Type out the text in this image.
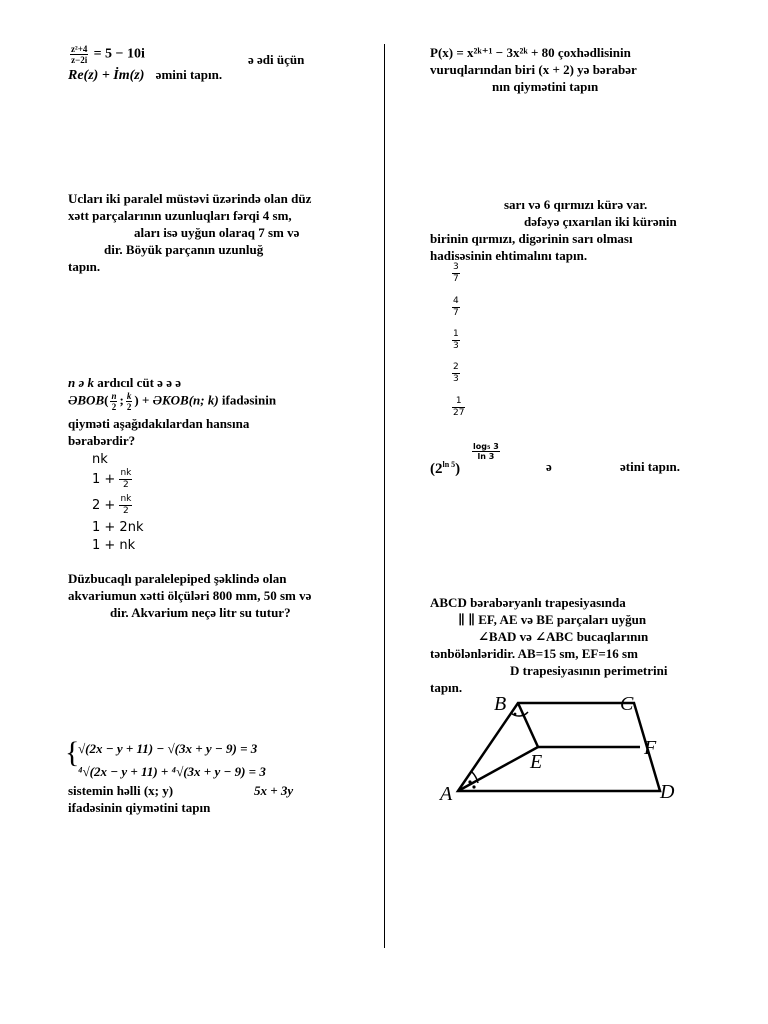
$\frac{\text{z²+4}}{z-2i} = 5 - 10i$	ə ədi üçün
Re(z) + İm(z) əmini tapın.
Ucları iki paralel müstəvi üzərində olan düz
xətt parçalarının uzunluqları fərqi 4 sm,
aları isə uyğun olaraq 7 sm və
dir. Böyük parçanın uzunluğ
tapın.
n ə k ardıcıl cüt ə ə ə
ƏBOB( $\frac{n}{2}$ ; $\frac{k}{2}$ ) + ƏKOB(n; k) ifadəsinin
qiyməti aşağıdakılardan hansına
bərabərdir?
nk
$1 + \frac{nk}{2}$
$2 + \frac{nk}{2}$
1 + 2nk
1 + nk
Düzbucaqlı paralelepiped şəklində olan
akvariumun xətti ölçüləri 800 mm, 50 sm və
dir. Akvarium neçə litr su tutur?
{
√(2x − y + 11) − √(3x + y − 9) = 3
⁴√(2x − y + 11) + ⁴√(3x + y − 9) = 3
sistemin həlli (x; y)	5x + 3y
ifadəsinin qiymətini tapın
P(x) = x²ᵏ⁺¹ − 3x²ᵏ + 80 çoxhədlisinin
vuruqlarından biri (x + 2) yə bərabər
nın qiymətini tapın
sarı və 6 qırmızı kürə var.
dəfəyə çıxarılan iki kürənin
birinin qırmızı, digərinin sarı olması
hadisəsinin ehtimalını tapın.
$\frac{3}{7}$
$\frac{4}{7}$
$\frac{1}{3}$
$\frac{2}{3}$
$\frac{1}{27}$
$(2^{ln 5})$
$\frac{\text{log₅ 3}}{\ln 3}$
ə	ətini tapın.
ABCD bərabəryanlı trapesiyasında
∥ ∥ EF, AE və BE parçaları uyğun
∠BAD və ∠ABC bucaqlarının
tənbölənləridir. AB=15 sm, EF=16 sm
D trapesiyasının perimetrini
tapın.
A
B	C
D
E
F
